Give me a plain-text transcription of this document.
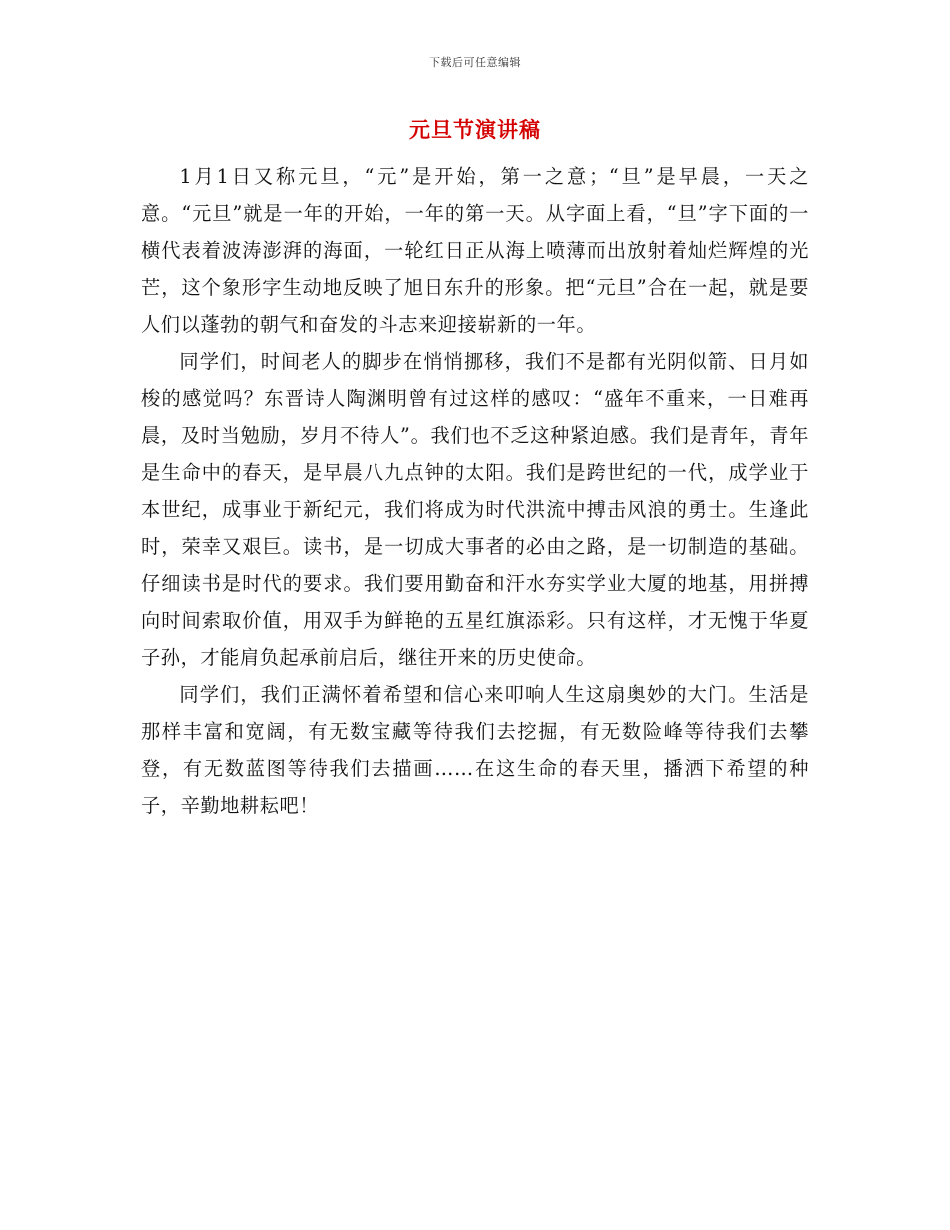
下载后可任意编辑
元旦节演讲稿

1月1日又称元旦，“元”是开始，第一之意；“旦”是早晨，一天之意。“元旦”就是一年的开始，一年的第一天。从字面上看，“旦”字下面的一横代表着波涛澎湃的海面，一轮红日正从海上喷薄而出放射着灿烂辉煌的光芒，这个象形字生动地反映了旭日东升的形象。把“元旦”合在一起，就是要人们以蓬勃的朝气和奋发的斗志来迎接崭新的一年。

同学们，时间老人的脚步在悄悄挪移，我们不是都有光阴似箭、日月如梭的感觉吗？东晋诗人陶渊明曾有过这样的感叹：“盛年不重来，一日难再晨，及时当勉励，岁月不待人”。我们也不乏这种紧迫感。我们是青年，青年是生命中的春天，是早晨八九点钟的太阳。我们是跨世纪的一代，成学业于本世纪，成事业于新纪元，我们将成为时代洪流中搏击风浪的勇士。生逢此时，荣幸又艰巨。读书，是一切成大事者的必由之路，是一切制造的基础。仔细读书是时代的要求。我们要用勤奋和汗水夯实学业大厦的地基，用拼搏向时间索取价值，用双手为鲜艳的五星红旗添彩。只有这样，才无愧于华夏子孙，才能肩负起承前启后，继往开来的历史使命。

同学们，我们正满怀着希望和信心来叩响人生这扇奥妙的大门。生活是那样丰富和宽阔，有无数宝藏等待我们去挖掘，有无数险峰等待我们去攀登，有无数蓝图等待我们去描画……在这生命的春天里，播洒下希望的种子，辛勤地耕耘吧！
